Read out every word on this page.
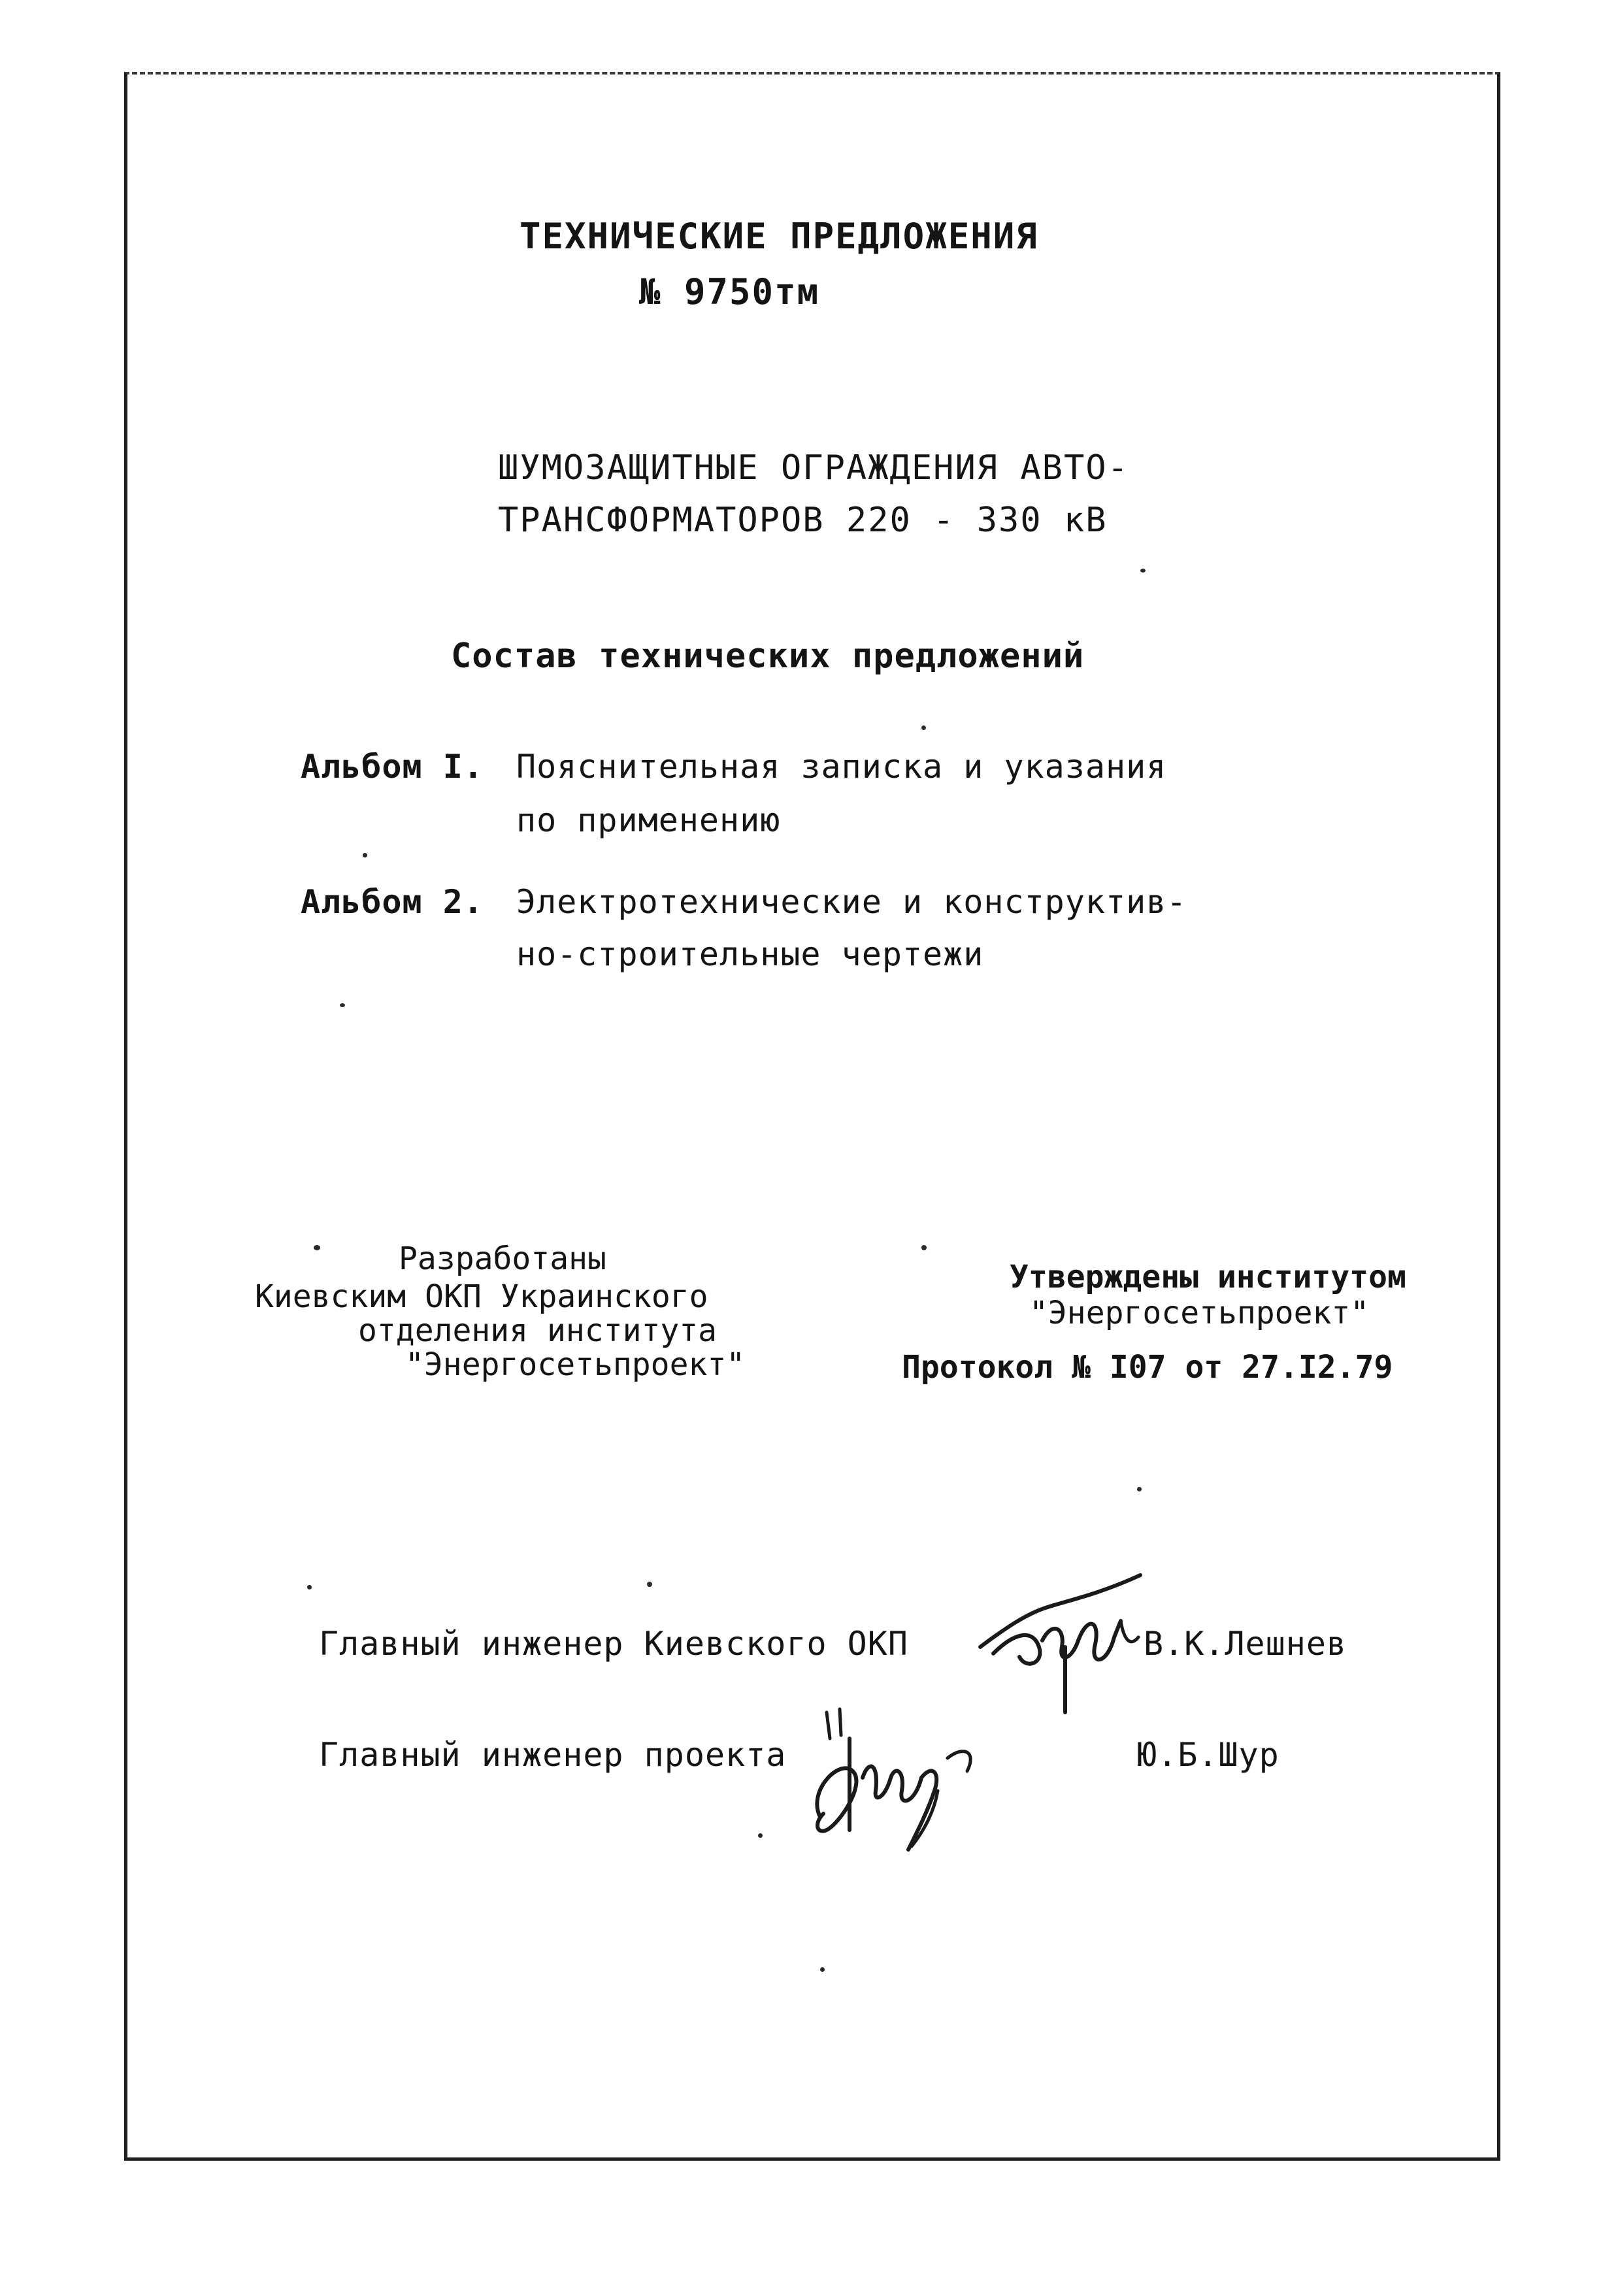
ТЕХНИЧЕСКИЕ ПРЕДЛОЖЕНИЯ
№ 9750тм
ШУМОЗАЩИТНЫЕ ОГРАЖДЕНИЯ АВТО-
ТРАНСФОРМАТОРОВ 220 - 330 кВ
Состав технических предложений
Альбом I. Пояснительная записка и указания
по применению
Альбом 2. Электротехнические и конструктив-
но-строительные чертежи
Разработаны
Киевским ОКП Украинского
отделения института
"Энергосетьпроект"
Утверждены институтом
"Энергосетьпроект"
Протокол № I07 от 27.I2.79
Главный инженер Киевского ОКП	В.К.Лешнев
Главный инженер проекта	Ю.Б.Шур
